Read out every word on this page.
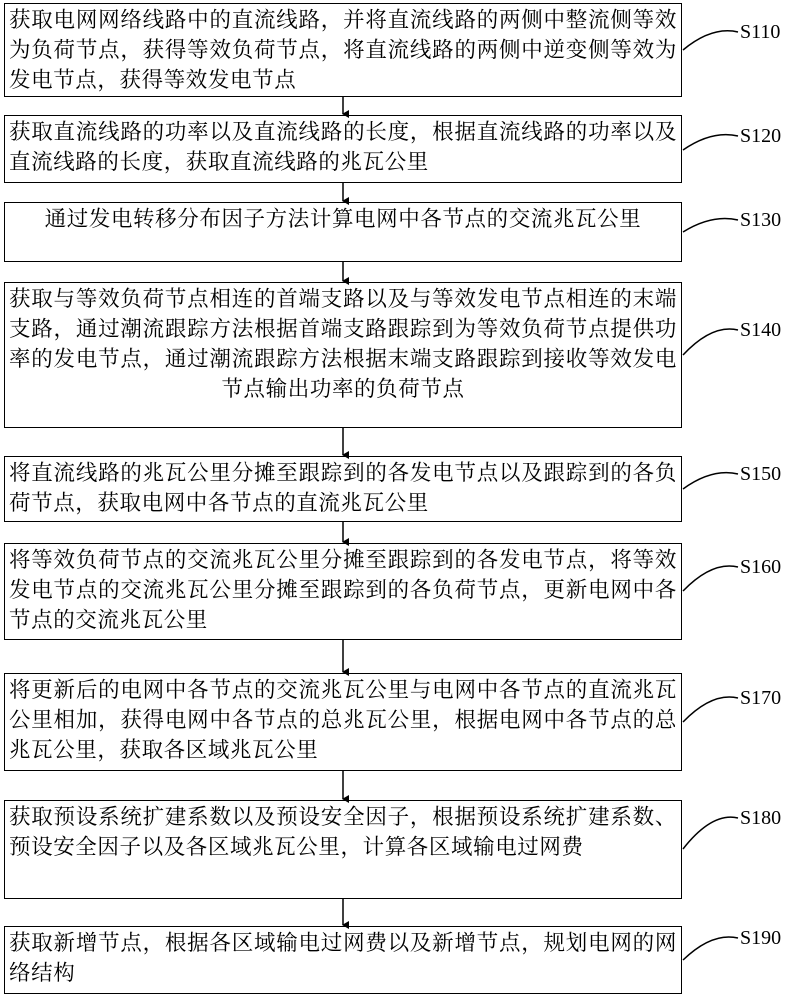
获取电网网络线路中的直流线路，并将直流线路的两侧中整流侧等效为负荷节点，获得等效负荷节点，将直流线路的两侧中逆变侧等效为发电节点，获得等效发电节点

S110

获取直流线路的功率以及直流线路的长度，根据直流线路的功率以及直流线路的长度，获取直流线路的兆瓦公里

S120

通过发电转移分布因子方法计算电网中各节点的交流兆瓦公里	S130

获取与等效负荷节点相连的首端支路以及与等效发电节点相连的末端支路，通过潮流跟踪方法根据首端支路跟踪到为等效负荷节点提供功率的发电节点，通过潮流跟踪方法根据末端支路跟踪到接收等效发电节点输出功率的负荷节点

S140

将直流线路的兆瓦公里分摊至跟踪到的各发电节点以及跟踪到的各负荷节点，获取电网中各节点的直流兆瓦公里

S150

将等效负荷节点的交流兆瓦公里分摊至跟踪到的各发电节点，将等效发电节点的交流兆瓦公里分摊至跟踪到的各负荷节点，更新电网中各节点的交流兆瓦公里

S160

将更新后的电网中各节点的交流兆瓦公里与电网中各节点的直流兆瓦公里相加，获得电网中各节点的总兆瓦公里，根据电网中各节点的总兆瓦公里，获取各区域兆瓦公里

S170

获取预设系统扩建系数以及预设安全因子，根据预设系统扩建系数、预设安全因子以及各区域兆瓦公里，计算各区域输电过网费

S180

获取新增节点，根据各区域输电过网费以及新增节点，规划电网的网络结构

S190
